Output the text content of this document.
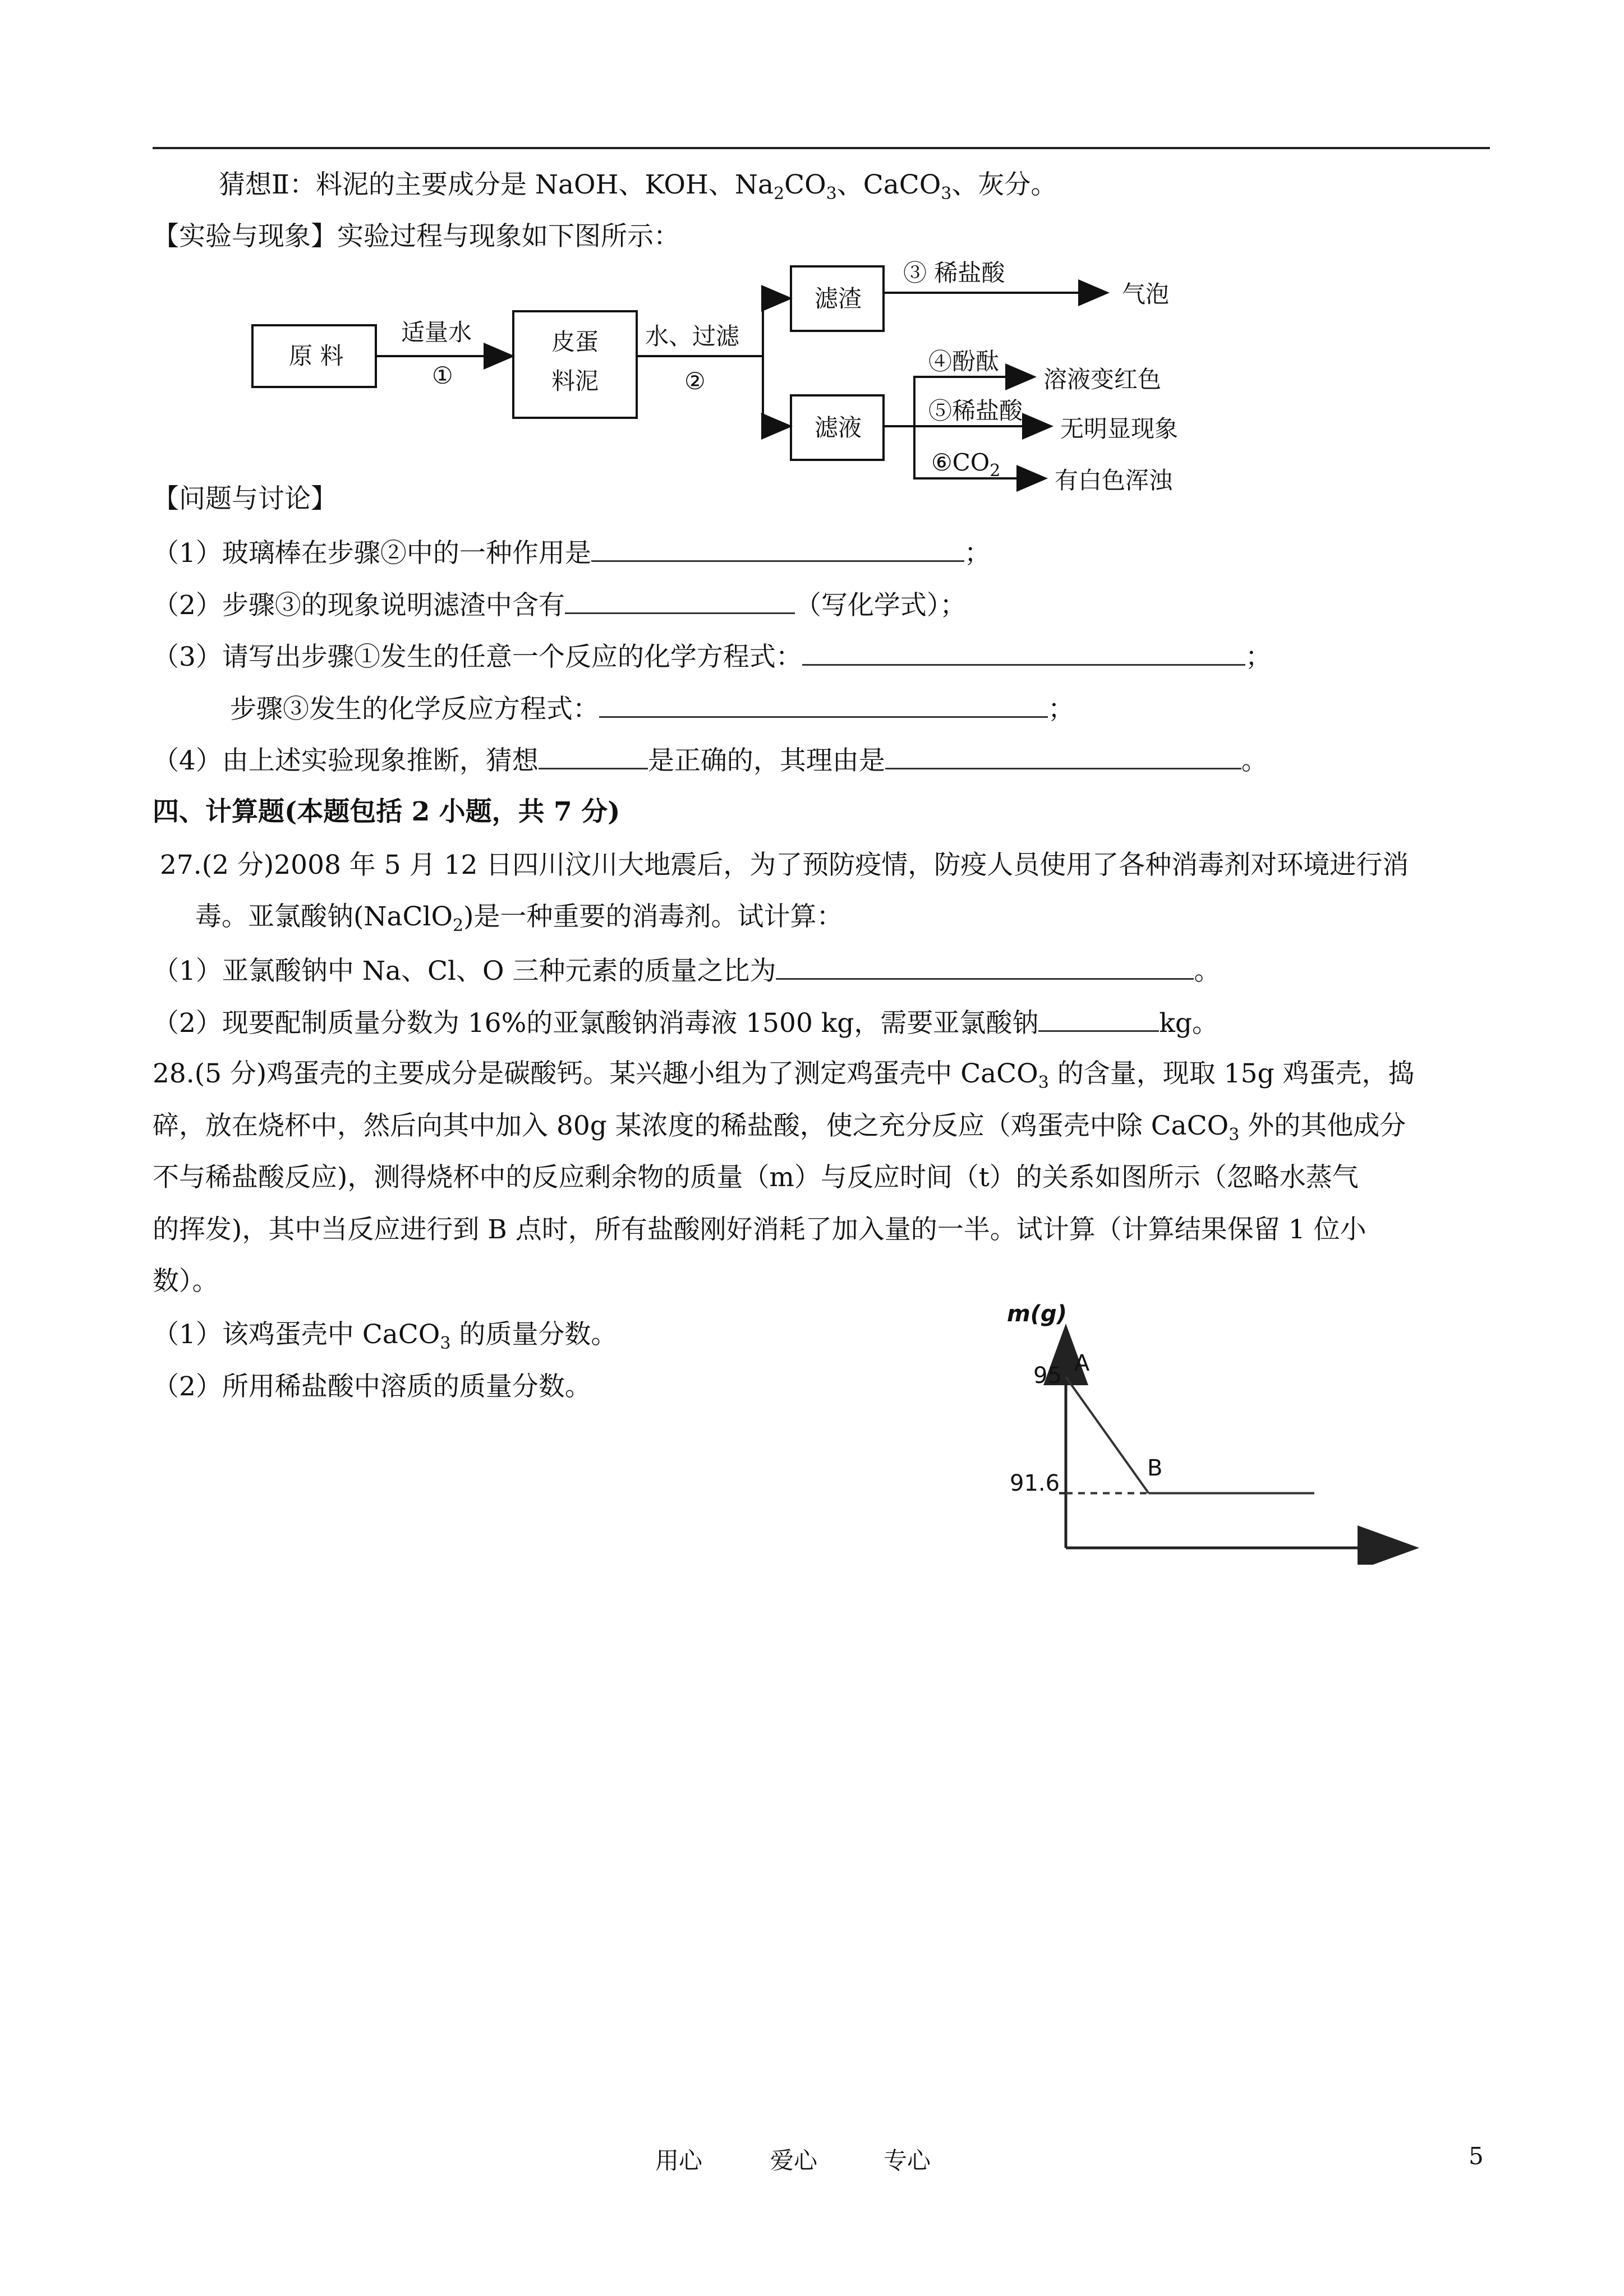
猜想Ⅱ：料泥的主要成分是 NaOH、KOH、$Na_2CO_3$、CaCO$_3$、灰分。
【实验与现象】实验过程与现象如下图所示：
原 料
适量水
①
皮蛋
料泥
水、过滤
②
滤渣
滤液
③ 稀盐酸
气泡
④酚酞
溶液变红色
⑤稀盐酸
无明显现象
$⑥CO_2$ 有白色浑浊
【问题与讨论】
（1）玻璃棒在步骤②中的一种作用是	；
（2）步骤③的现象说明滤渣中含有	（写化学式）；
（3）请写出步骤①发生的任意一个反应的化学方程式：	；
步骤③发生的化学反应方程式：	；
（4）由上述实验现象推断，猜想	是正确的，其理由是	。
四、计算题(本题包括 2 小题，共 7 分)
27.(2 分)2008 年 5 月 12 日四川汶川大地震后，为了预防疫情，防疫人员使用了各种消毒剂对环境进行消
毒。亚氯酸钠(NaClO$_2$)是一种重要的消毒剂。试计算：
（1）亚氯酸钠中 Na、Cl、O 三种元素的质量之比为	。
（2）现要配制质量分数为 16%的亚氯酸钠消毒液 1500 kg，需要亚氯酸钠	kg。
28.(5 分)鸡蛋壳的主要成分是碳酸钙。某兴趣小组为了测定鸡蛋壳中 CaCO$_3$ 的含量，现取 15g 鸡蛋壳，捣
碎，放在烧杯中，然后向其中加入 80g 某浓度的稀盐酸，使之充分反应（鸡蛋壳中除 CaCO$_3$ 外的其他成分
不与稀盐酸反应)，测得烧杯中的反应剩余物的质量（m）与反应时间（t）的关系如图所示（忽略水蒸气
的挥发)，其中当反应进行到 B 点时，所有盐酸刚好消耗了加入量的一半。试计算（计算结果保留 1 位小
数）。
（1）该鸡蛋壳中 CaCO$_3$ 的质量分数。
（2）所用稀盐酸中溶质的质量分数。
m(g)
95
91.6
A
B
用心	爱心	专心	5
